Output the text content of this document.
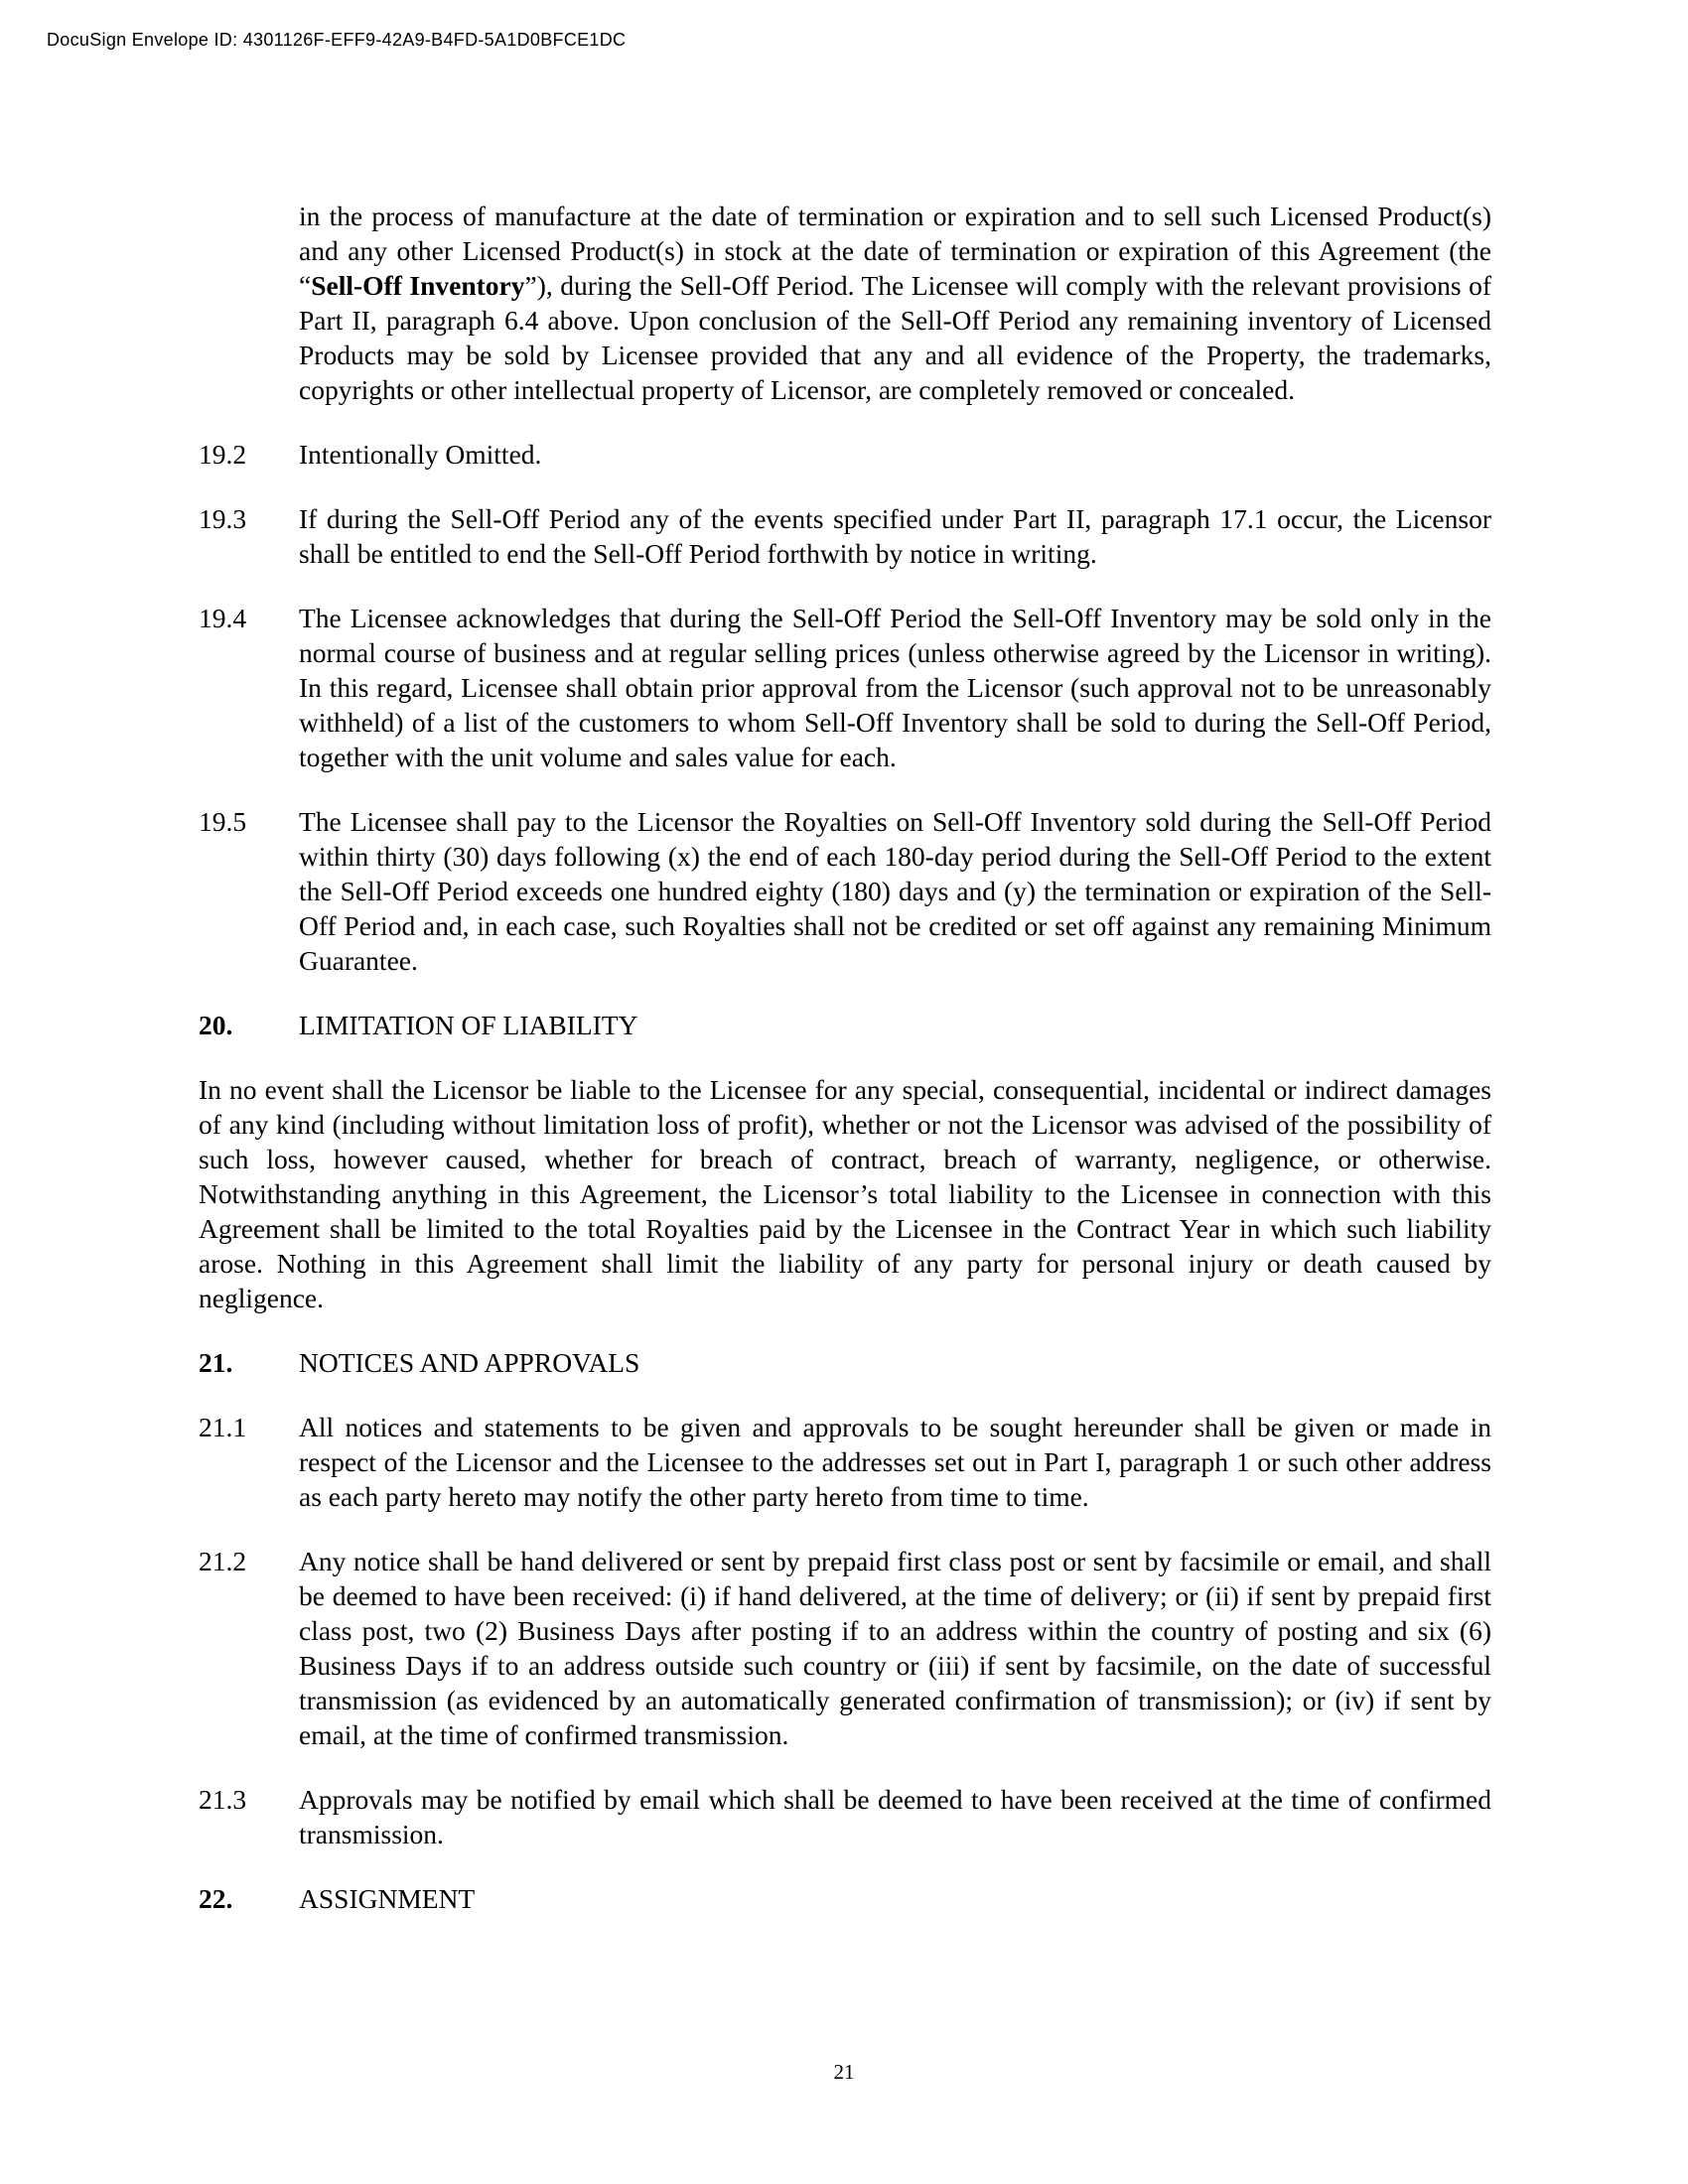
DocuSign Envelope ID: 4301126F-EFF9-42A9-B4FD-5A1D0BFCE1DC

in the process of manufacture at the date of termination or expiration and to sell such Licensed Product(s) and any other Licensed Product(s) in stock at the date of termination or expiration of this Agreement (the “Sell-Off Inventory”), during the Sell-Off Period. The Licensee will comply with the relevant provisions of Part II, paragraph 6.4 above. Upon conclusion of the Sell-Off Period any remaining inventory of Licensed Products may be sold by Licensee provided that any and all evidence of the Property, the trademarks, copyrights or other intellectual property of Licensor, are completely removed or concealed.

19.2	Intentionally Omitted.
19.3	If during the Sell-Off Period any of the events specified under Part II, paragraph 17.1 occur, the Licensor shall be entitled to end the Sell-Off Period forthwith by notice in writing.
19.4	The Licensee acknowledges that during the Sell-Off Period the Sell-Off Inventory may be sold only in the normal course of business and at regular selling prices (unless otherwise agreed by the Licensor in writing). In this regard, Licensee shall obtain prior approval from the Licensor (such approval not to be unreasonably withheld) of a list of the customers to whom Sell-Off Inventory shall be sold to during the Sell-Off Period, together with the unit volume and sales value for each.
19.5	The Licensee shall pay to the Licensor the Royalties on Sell-Off Inventory sold during the Sell-Off Period within thirty (30) days following (x) the end of each 180-day period during the Sell-Off Period to the extent the Sell-Off Period exceeds one hundred eighty (180) days and (y) the termination or expiration of the Sell-Off Period and, in each case, such Royalties shall not be credited or set off against any remaining Minimum Guarantee.
20.	LIMITATION OF LIABILITY

In no event shall the Licensor be liable to the Licensee for any special, consequential, incidental or indirect damages of any kind (including without limitation loss of profit), whether or not the Licensor was advised of the possibility of such loss, however caused, whether for breach of contract, breach of warranty, negligence, or otherwise. Notwithstanding anything in this Agreement, the Licensor’s total liability to the Licensee in connection with this Agreement shall be limited to the total Royalties paid by the Licensee in the Contract Year in which such liability arose. Nothing in this Agreement shall limit the liability of any party for personal injury or death caused by negligence.

21.	NOTICES AND APPROVALS
21.1	All notices and statements to be given and approvals to be sought hereunder shall be given or made in respect of the Licensor and the Licensee to the addresses set out in Part I, paragraph 1 or such other address as each party hereto may notify the other party hereto from time to time.
21.2	Any notice shall be hand delivered or sent by prepaid first class post or sent by facsimile or email, and shall be deemed to have been received: (i) if hand delivered, at the time of delivery; or (ii) if sent by prepaid first class post, two (2) Business Days after posting if to an address within the country of posting and six (6) Business Days if to an address outside such country or (iii) if sent by facsimile, on the date of successful transmission (as evidenced by an automatically generated confirmation of transmission); or (iv) if sent by email, at the time of confirmed transmission.
21.3	Approvals may be notified by email which shall be deemed to have been received at the time of confirmed transmission.
22.	ASSIGNMENT
21
